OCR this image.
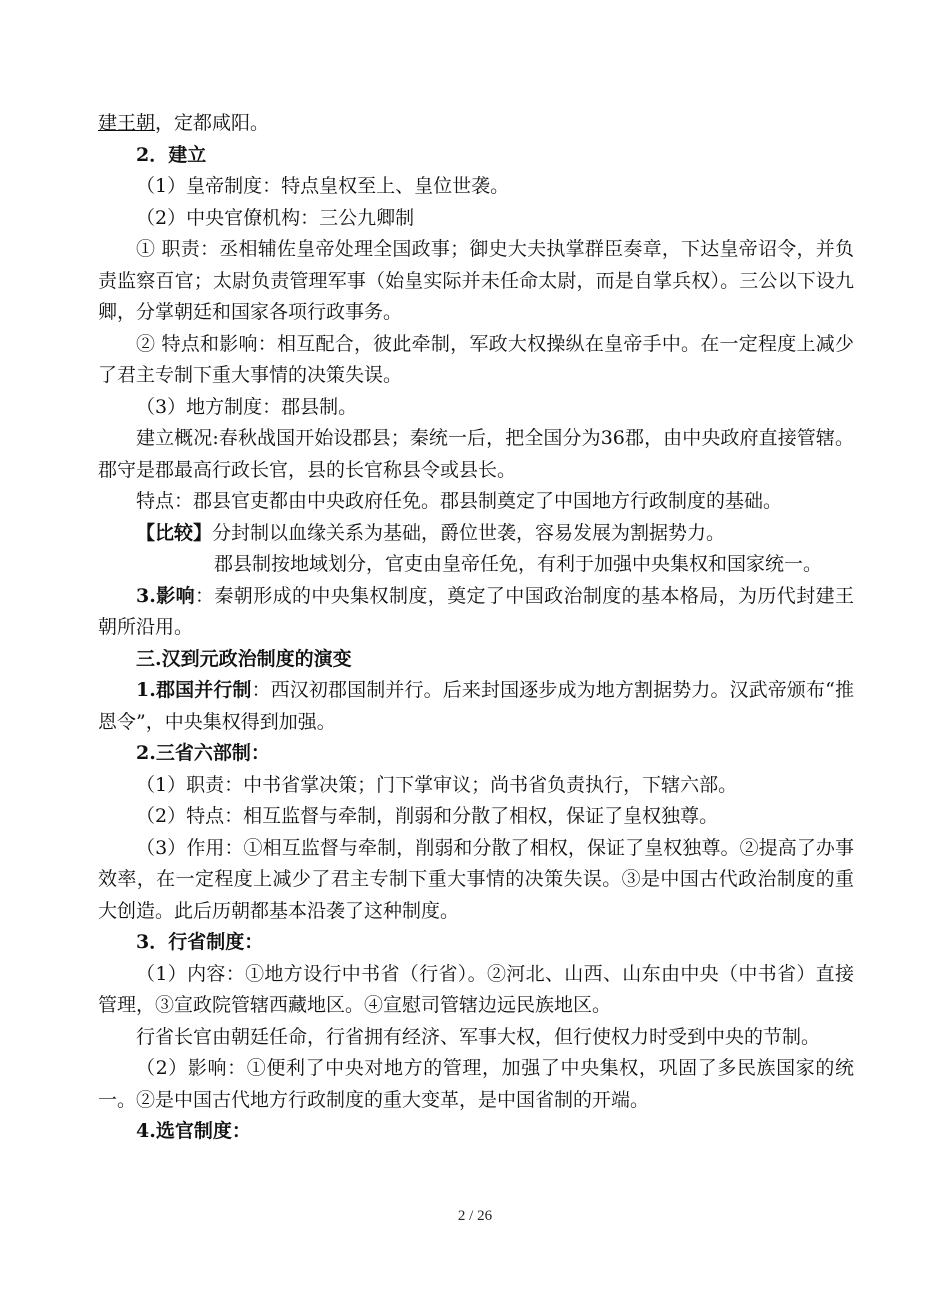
建王朝，定都咸阳。

2．建立

（1）皇帝制度：特点皇权至上、皇位世袭。

（2）中央官僚机构：三公九卿制

① 职责：丞相辅佐皇帝处理全国政事；御史大夫执掌群臣奏章，下达皇帝诏令，并负责监察百官；太尉负责管理军事（始皇实际并未任命太尉，而是自掌兵权）。三公以下设九卿，分掌朝廷和国家各项行政事务。

② 特点和影响：相互配合，彼此牵制，军政大权操纵在皇帝手中。在一定程度上减少了君主专制下重大事情的决策失误。

（3）地方制度：郡县制。

建立概况:春秋战国开始设郡县；秦统一后，把全国分为36郡，由中央政府直接管辖。郡守是郡最高行政长官，县的长官称县令或县长。

特点：郡县官吏都由中央政府任免。郡县制奠定了中国地方行政制度的基础。

【比较】分封制以血缘关系为基础，爵位世袭，容易发展为割据势力。

郡县制按地域划分，官吏由皇帝任免，有利于加强中央集权和国家统一。

3.影响：秦朝形成的中央集权制度，奠定了中国政治制度的基本格局，为历代封建王朝所沿用。

三.汉到元政治制度的演变

1.郡国并行制：西汉初郡国制并行。后来封国逐步成为地方割据势力。汉武帝颁布“推恩令”，中央集权得到加强。

2.三省六部制：

（1）职责：中书省掌决策；门下掌审议；尚书省负责执行，下辖六部。

（2）特点：相互监督与牵制，削弱和分散了相权，保证了皇权独尊。

（3）作用：①相互监督与牵制，削弱和分散了相权，保证了皇权独尊。②提高了办事效率，在一定程度上减少了君主专制下重大事情的决策失误。③是中国古代政治制度的重大创造。此后历朝都基本沿袭了这种制度。

3．行省制度：

（1）内容：①地方设行中书省（行省）。②河北、山西、山东由中央（中书省）直接管理，③宣政院管辖西藏地区。④宣慰司管辖边远民族地区。

行省长官由朝廷任命，行省拥有经济、军事大权，但行使权力时受到中央的节制。

（2）影响：①便利了中央对地方的管理，加强了中央集权，巩固了多民族国家的统一。②是中国古代地方行政制度的重大变革，是中国省制的开端。

4.选官制度：

2 / 26
